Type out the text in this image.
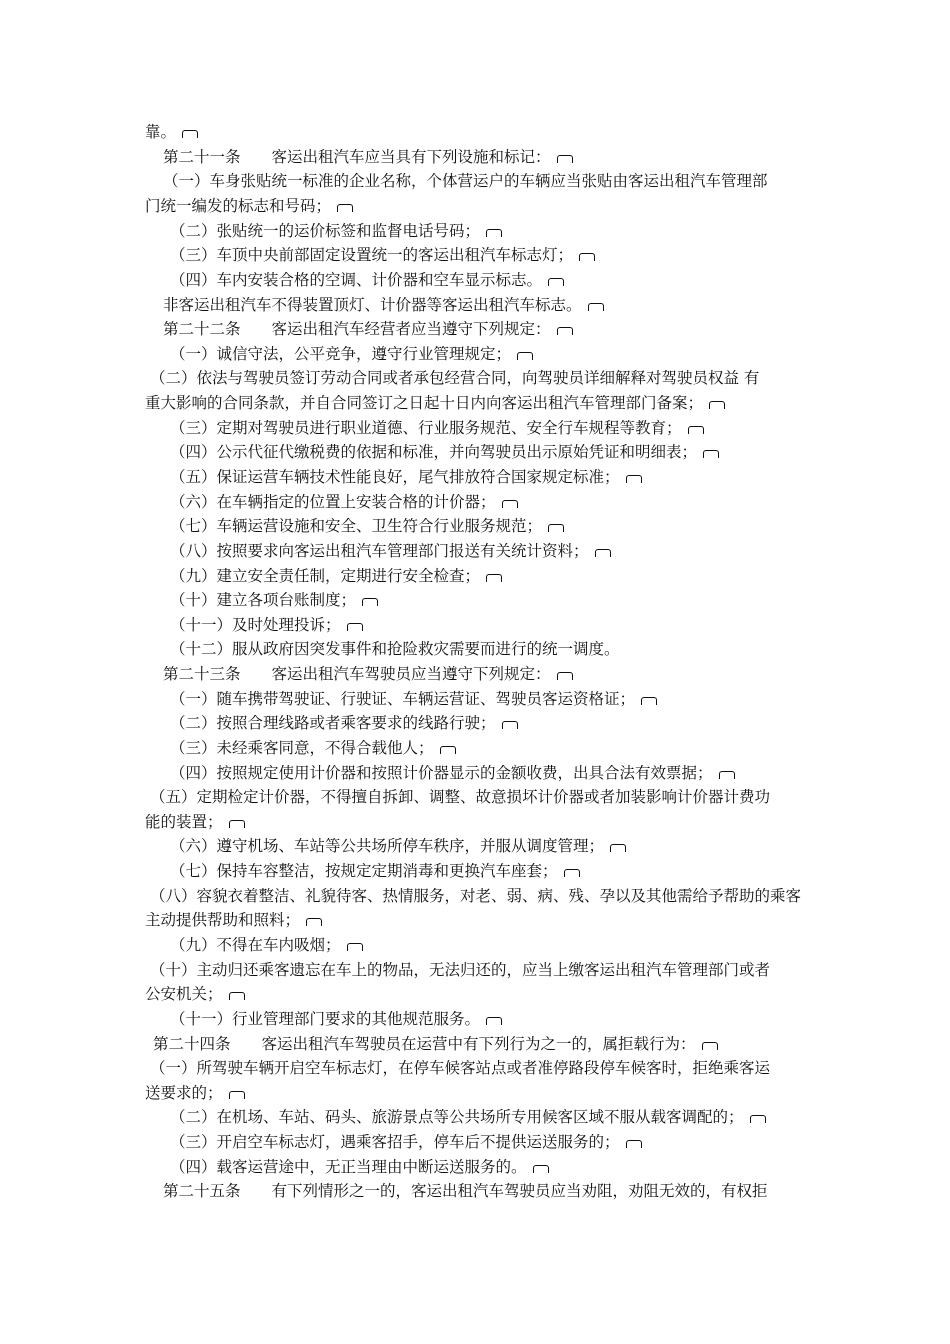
靠。
第二十一条　　客运出租汽车应当具有下列设施和标记：
（一）车身张贴统一标准的企业名称，个体营运户的车辆应当张贴由客运出租汽车管理部
门统一编发的标志和号码；
（二）张贴统一的运价标签和监督电话号码；
（三）车顶中央前部固定设置统一的客运出租汽车标志灯；
（四）车内安装合格的空调、计价器和空车显示标志。
非客运出租汽车不得装置顶灯、计价器等客运出租汽车标志。
第二十二条　　客运出租汽车经营者应当遵守下列规定：
（一）诚信守法，公平竞争，遵守行业管理规定；
（二）依法与驾驶员签订劳动合同或者承包经营合同，向驾驶员详细解释对驾驶员权益 有
重大影响的合同条款，并自合同签订之日起十日内向客运出租汽车管理部门备案；
（三）定期对驾驶员进行职业道德、行业服务规范、安全行车规程等教育；
（四）公示代征代缴税费的依据和标准，并向驾驶员出示原始凭证和明细表；
（五）保证运营车辆技术性能良好，尾气排放符合国家规定标准；
（六）在车辆指定的位置上安装合格的计价器；
（七）车辆运营设施和安全、卫生符合行业服务规范；
（八）按照要求向客运出租汽车管理部门报送有关统计资料；
（九）建立安全责任制，定期进行安全检查；
（十）建立各项台账制度；
（十一）及时处理投诉；
（十二）服从政府因突发事件和抢险救灾需要而进行的统一调度。
第二十三条　　客运出租汽车驾驶员应当遵守下列规定：
（一）随车携带驾驶证、行驶证、车辆运营证、驾驶员客运资格证；
（二）按照合理线路或者乘客要求的线路行驶；
（三）未经乘客同意，不得合载他人；
（四）按照规定使用计价器和按照计价器显示的金额收费，出具合法有效票据；
（五）定期检定计价器，不得擅自拆卸、调整、故意损坏计价器或者加装影响计价器计费功
能的装置；
（六）遵守机场、车站等公共场所停车秩序，并服从调度管理；
（七）保持车容整洁，按规定定期消毒和更换汽车座套；
（八）容貌衣着整洁、礼貌待客、热情服务，对老、弱、病、残、孕以及其他需给予帮助的乘客
主动提供帮助和照料；
（九）不得在车内吸烟；
（十）主动归还乘客遗忘在车上的物品，无法归还的，应当上缴客运出租汽车管理部门或者
公安机关；
（十一）行业管理部门要求的其他规范服务。
第二十四条　　客运出租汽车驾驶员在运营中有下列行为之一的，属拒载行为：
（一）所驾驶车辆开启空车标志灯，在停车候客站点或者准停路段停车候客时，拒绝乘客运
送要求的；
（二）在机场、车站、码头、旅游景点等公共场所专用候客区域不服从载客调配的；
（三）开启空车标志灯，遇乘客招手，停车后不提供运送服务的；
（四）载客运营途中，无正当理由中断运送服务的。
第二十五条　　有下列情形之一的，客运出租汽车驾驶员应当劝阻，劝阻无效的，有权拒
